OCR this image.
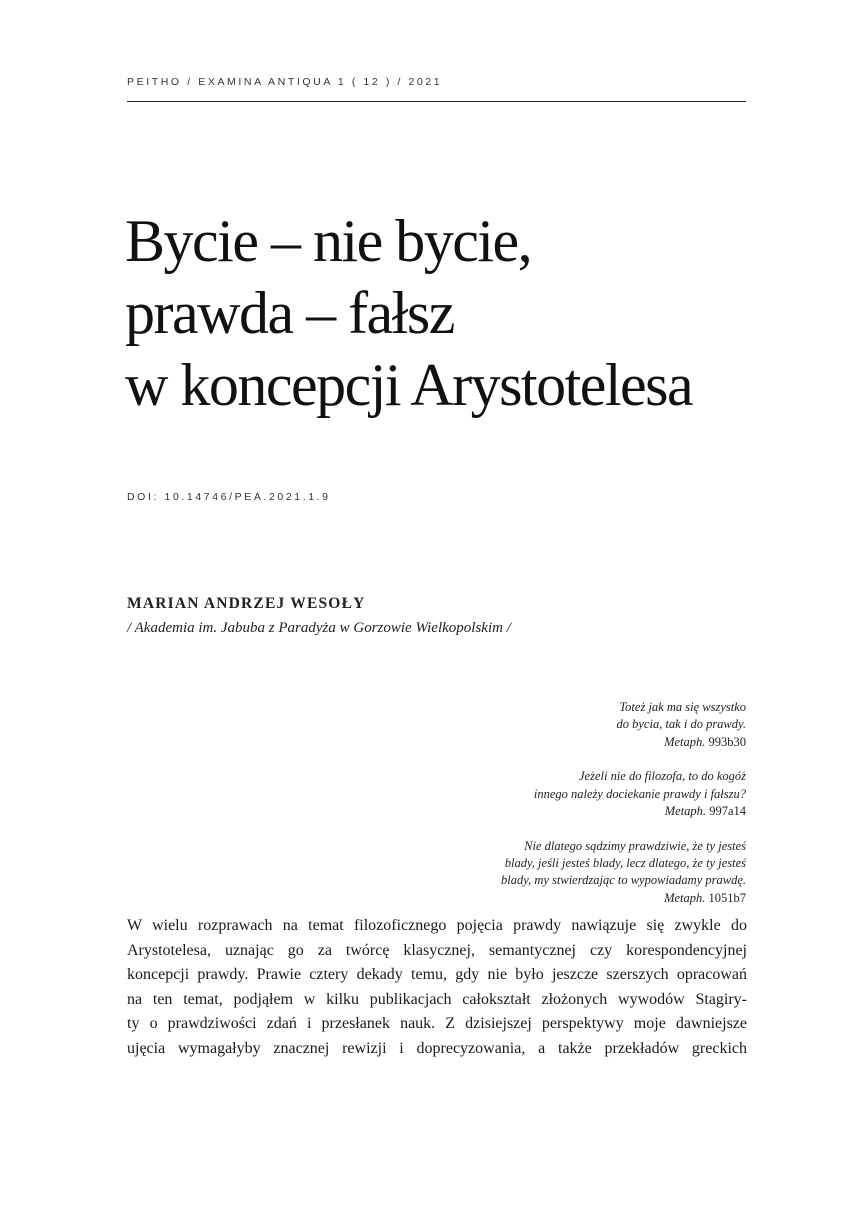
PEITHO / EXAMINA ANTIQUA 1 ( 12 ) / 2021
Bycie – nie bycie,
prawda – fałsz
w koncepcji Arystotelesa
DOI: 10.14746/PEA.2021.1.9
MARIAN ANDRZEJ WESOŁY
/ Akademia im. Jabuba z Paradyża w Gorzowie Wielkopolskim /
Toteż jak ma się wszystko
do bycia, tak i do prawdy.
Metaph. 993b30
Jeżeli nie do filozofa, to do kogóż
innego należy dociekanie prawdy i fałszu?
Metaph. 997a14
Nie dlatego sądzimy prawdziwie, że ty jesteś
blady, jeśli jesteś blady, lecz dlatego, że ty jesteś
blady, my stwierdzając to wypowiadamy prawdę.
Metaph. 1051b7
W wielu rozprawach na temat filozoficznego pojęcia prawdy nawiązuje się zwykle do
Arystotelesa, uznając go za twórcę klasycznej, semantycznej czy korespondencyjnej
koncepcji prawdy. Prawie cztery dekady temu, gdy nie było jeszcze szerszych opracowań
na ten temat, podjąłem w kilku publikacjach całokształt złożonych wywodów Stagiry-
ty o prawdziwości zdań i przesłanek nauk. Z dzisiejszej perspektywy moje dawniejsze
ujęcia wymagałyby znacznej rewizji i doprecyzowania, a także przekładów greckich
